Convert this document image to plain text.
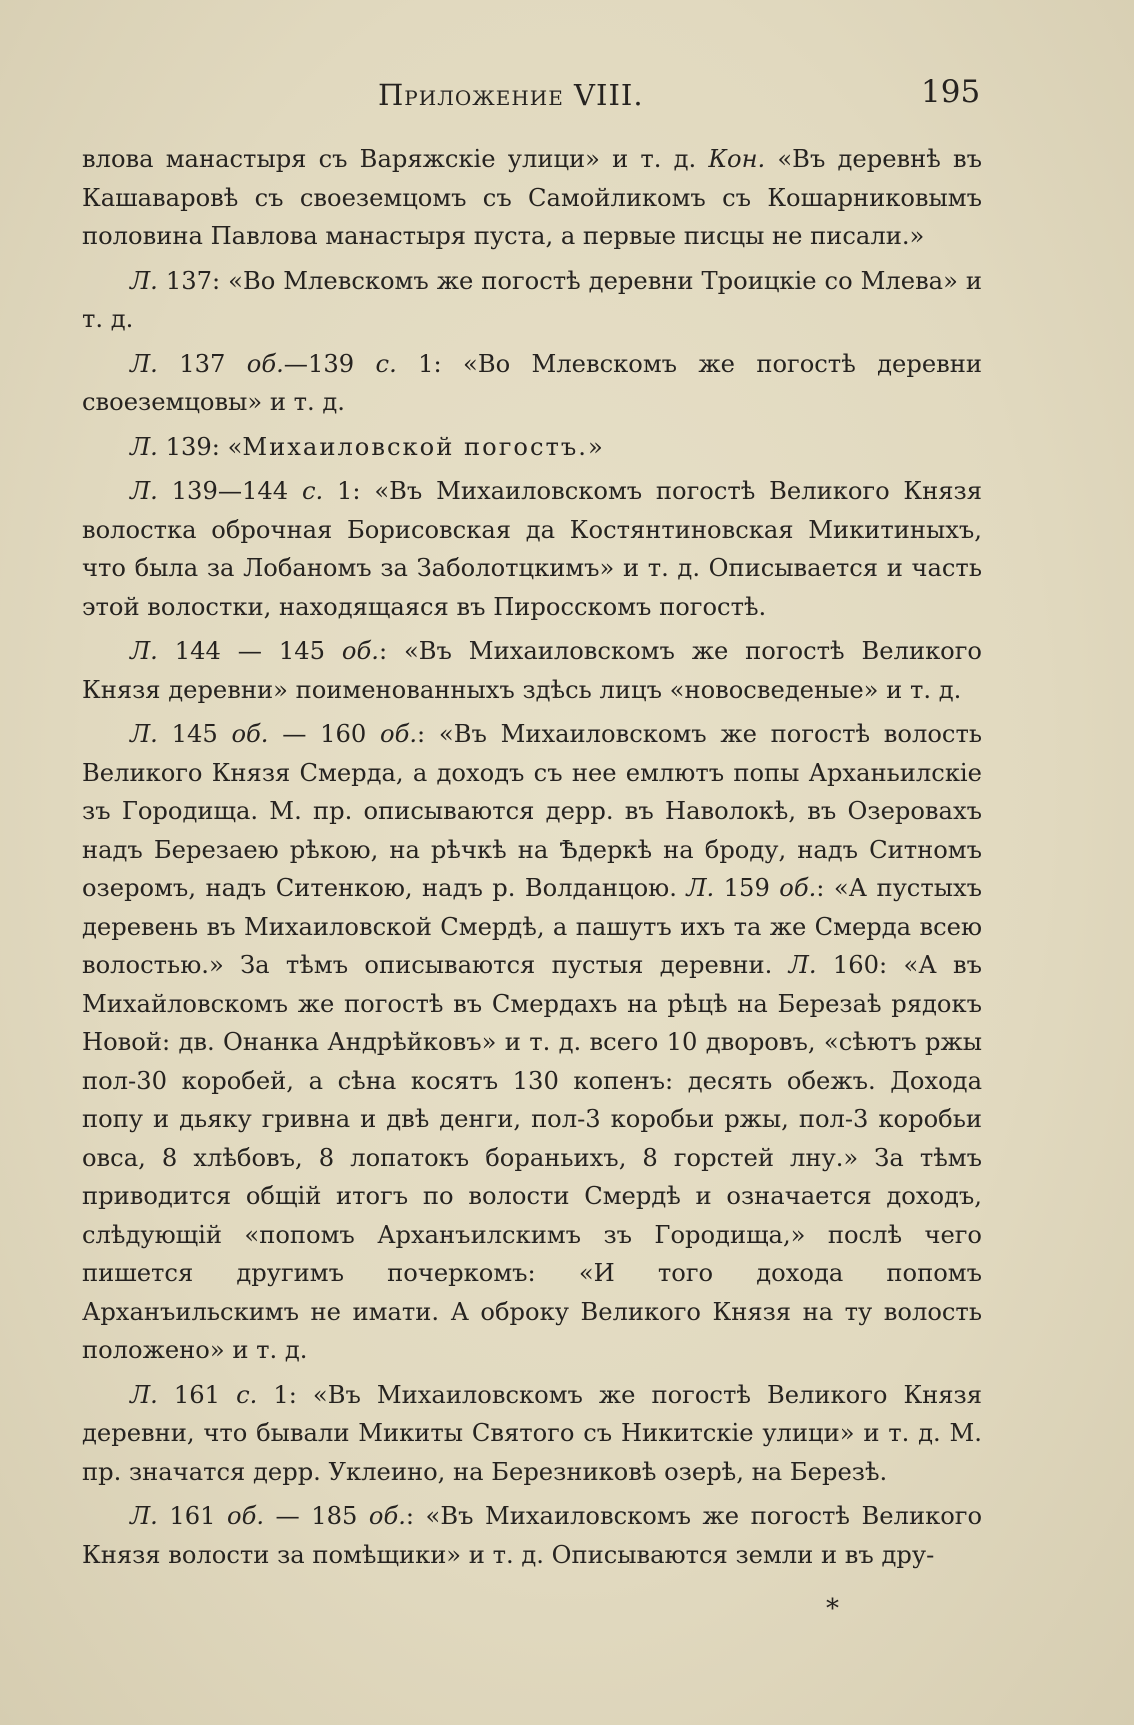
Приложение VIII.	195

влова манастыря съ Варяжскіе улици» и т. д. Кон. «Въ деревнѣ въ Кашаваровѣ съ своеземцомъ съ Самойликомъ съ Кошарниковымъ половина Павлова манастыря пуста, а первые писцы не писали.»

Л. 137: «Во Млевскомъ же погостѣ деревни Троицкіе со Млева» и т. д.

Л. 137 об.—139 с. 1: «Во Млевскомъ же погостѣ деревни своеземцовы» и т. д.

Л. 139: «Михаиловской погостъ.»

Л. 139—144 с. 1: «Въ Михаиловскомъ погостѣ Великого Князя волостка оброчная Борисовская да Костянтиновская Микитиныхъ, что была за Лобаномъ за Заболотцкимъ» и т. д. Описывается и часть этой волостки, находящаяся въ Пиросскомъ погостѣ.

Л. 144 — 145 об.: «Въ Михаиловскомъ же погостѣ Великого Князя деревни» поименованныхъ здѣсь лицъ «новосведеные» и т. д.

Л. 145 об. — 160 об.: «Въ Михаиловскомъ же погостѣ волость Великого Князя Смерда, а доходъ съ нее емлютъ попы Арханьилскіе зъ Городища. М. пр. описываются дерр. въ Наволокѣ, въ Озеровахъ надъ Березаею рѣкою, на рѣчкѣ на Ѣдеркѣ на броду, надъ Ситномъ озеромъ, надъ Ситенкою, надъ р. Волданцою. Л. 159 об.: «А пустыхъ деревень въ Михаиловской Смердѣ, а пашутъ ихъ та же Смерда всею волостью.» За тѣмъ описываются пустыя деревни. Л. 160: «А въ Михайловскомъ же погостѣ въ Смердахъ на рѣцѣ на Березаѣ рядокъ Новой: дв. Онанка Андрѣйковъ» и т. д. всего 10 дворовъ, «сѣютъ ржы пол-30 коробей, а сѣна косятъ 130 копенъ: десять обежъ. Дохода попу и дьяку гривна и двѣ денги, пол-3 коробьи ржы, пол-3 коробьи овса, 8 хлѣбовъ, 8 лопатокъ бораньихъ, 8 горстей лну.» За тѣмъ приводится общій итогъ по волости Смердѣ и означается доходъ, слѣдующій «попомъ Арханъилскимъ зъ Городища,» послѣ чего пишется другимъ почеркомъ: «И того дохода попомъ Арханъильскимъ не имати. А оброку Великого Князя на ту волость положено» и т. д.

Л. 161 с. 1: «Въ Михаиловскомъ же погостѣ Великого Князя деревни, что бывали Микиты Святого съ Никитскіе улици» и т. д. М. пр. значатся дерр. Уклеино, на Березниковѣ озерѣ, на Березѣ.

Л. 161 об. — 185 об.: «Въ Михаиловскомъ же погостѣ Великого Князя волости за помѣщики» и т. д. Описываются земли и въ дру-

*
